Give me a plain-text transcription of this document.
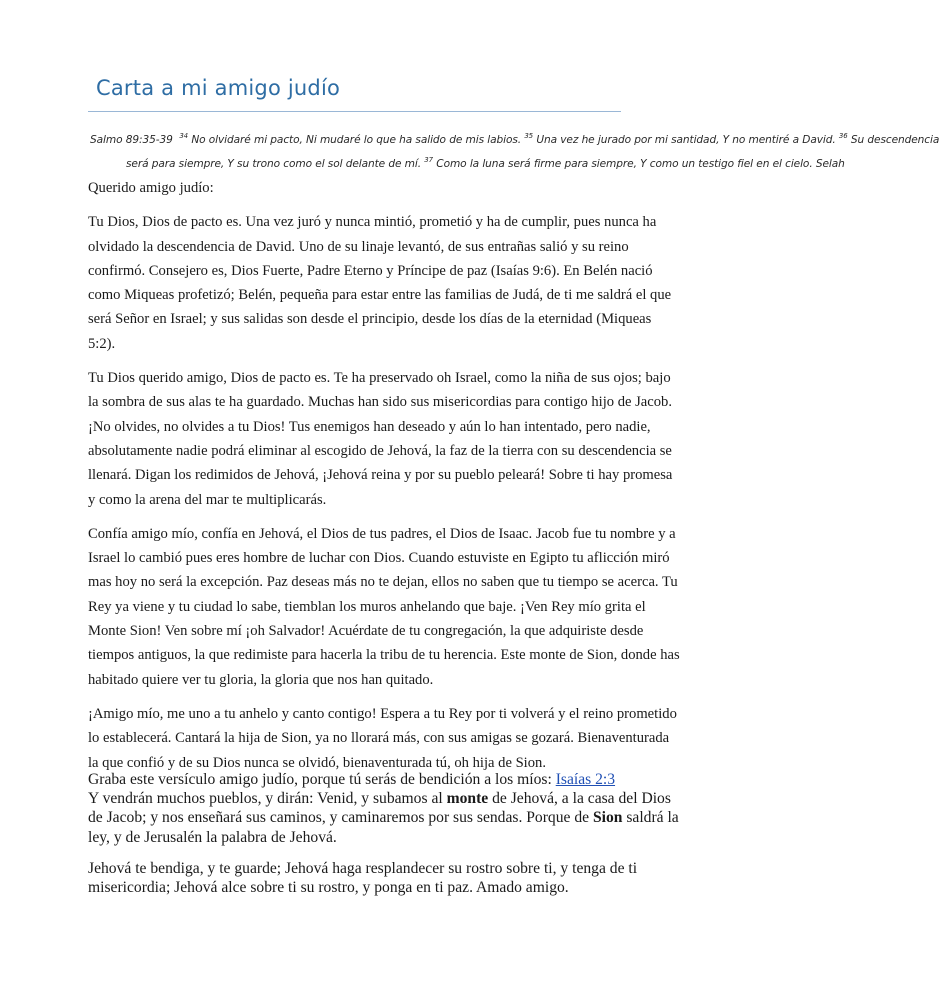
Carta a mi amigo judío
Salmo 89:35-39 $^{34}$ No olvidaré mi pacto, Ni mudaré lo que ha salido de mis labios. $^{35}$ Una vez he jurado por mi santidad, Y no mentiré a David. $^{36}$ Su descendencia
será para siempre, Y su trono como el sol delante de mí. $^{37}$ Como la luna será firme para siempre, Y como un testigo fiel en el cielo. Selah

Querido amigo judío:

Tu Dios, Dios de pacto es. Una vez juró y nunca mintió, prometió y ha de cumplir, pues nunca ha olvidado la descendencia de David. Uno de su linaje levantó, de sus entrañas salió y su reino confirmó. Consejero es, Dios Fuerte, Padre Eterno y Príncipe de paz (Isaías 9:6). En Belén nació como Miqueas profetizó; Belén, pequeña para estar entre las familias de Judá, de ti me saldrá el que será Señor en Israel; y sus salidas son desde el principio, desde los días de la eternidad (Miqueas 5:2).

Tu Dios querido amigo, Dios de pacto es. Te ha preservado oh Israel, como la niña de sus ojos; bajo la sombra de sus alas te ha guardado. Muchas han sido sus misericordias para contigo hijo de Jacob. ¡No olvides, no olvides a tu Dios! Tus enemigos han deseado y aún lo han intentado, pero nadie, absolutamente nadie podrá eliminar al escogido de Jehová, la faz de la tierra con su descendencia se llenará. Digan los redimidos de Jehová, ¡Jehová reina y por su pueblo peleará! Sobre ti hay promesa y como la arena del mar te multiplicarás.

Confía amigo mío, confía en Jehová, el Dios de tus padres, el Dios de Isaac. Jacob fue tu nombre y a Israel lo cambió pues eres hombre de luchar con Dios. Cuando estuviste en Egipto tu aflicción miró mas hoy no será la excepción. Paz deseas más no te dejan, ellos no saben que tu tiempo se acerca. Tu Rey ya viene y tu ciudad lo sabe, tiemblan los muros anhelando que baje. ¡Ven Rey mío grita el Monte Sion! Ven sobre mí ¡oh Salvador! Acuérdate de tu congregación, la que adquiriste desde tiempos antiguos, la que redimiste para hacerla la tribu de tu herencia. Este monte de Sion, donde has habitado quiere ver tu gloria, la gloria que nos han quitado.

¡Amigo mío, me uno a tu anhelo y canto contigo! Espera a tu Rey por ti volverá y el reino prometido lo establecerá. Cantará la hija de Sion, ya no llorará más, con sus amigas se gozará. Bienaventurada la que confió y de su Dios nunca se olvidó, bienaventurada tú, oh hija de Sion.

Graba este versículo amigo judío, porque tú serás de bendición a los míos: Isaías 2:3
Y vendrán muchos pueblos, y dirán: Venid, y subamos al monte de Jehová, a la casa del Dios de Jacob; y nos enseñará sus caminos, y caminaremos por sus sendas. Porque de Sion saldrá la ley, y de Jerusalén la palabra de Jehová.

Jehová te bendiga, y te guarde; Jehová haga resplandecer su rostro sobre ti, y tenga de ti misericordia; Jehová alce sobre ti su rostro, y ponga en ti paz. Amado amigo.
